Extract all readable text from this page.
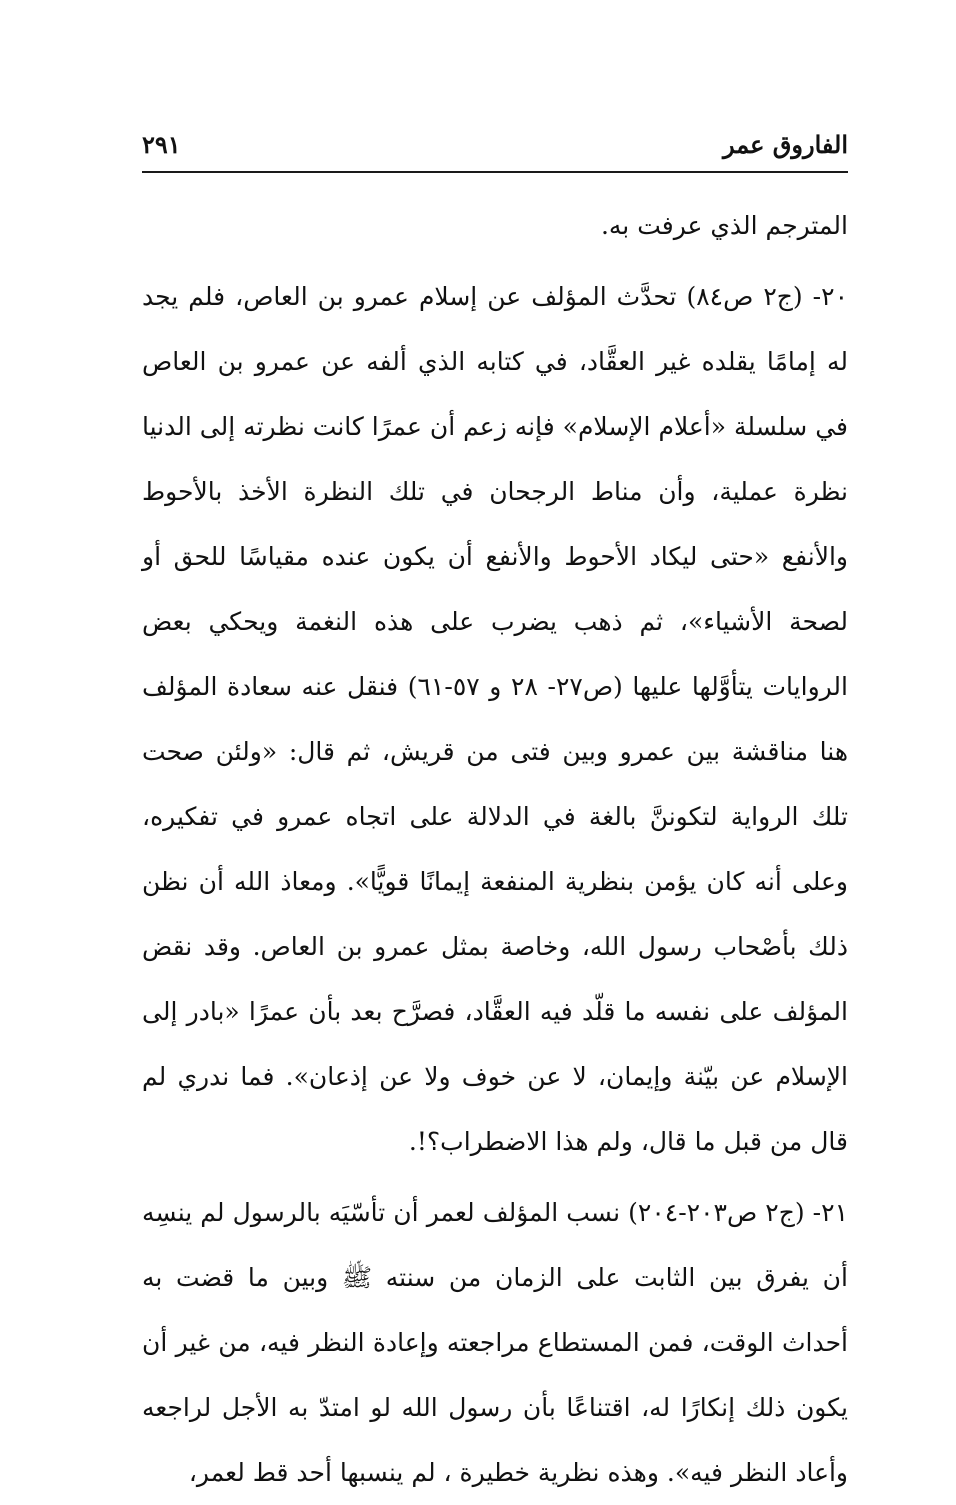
الفاروق عمر
٢٩١

المترجم الذي عرفت به.

٢٠- (ج٢ ص٨٤) تحدَّث المؤلف عن إسلام عمرو بن العاص، فلم يجد له إمامًا يقلده غير العقَّاد، في كتابه الذي ألفه عن عمرو بن العاص في سلسلة «أعلام الإسلام» فإنه زعم أن عمرًا كانت نظرته إلى الدنيا نظرة عملية، وأن مناط الرجحان في تلك النظرة الأخذ بالأحوط والأنفع «حتى ليكاد الأحوط والأنفع أن يكون عنده مقياسًا للحق أو لصحة الأشياء»، ثم ذهب يضرب على هذه النغمة ويحكي بعض الروايات يتأوَّلها عليها (ص٢٧- ٢٨ و ٥٧-٦١) فنقل عنه سعادة المؤلف هنا مناقشة بين عمرو وبين فتى من قريش، ثم قال: «ولئن صحت تلك الرواية لتكوننَّ بالغة في الدلالة على اتجاه عمرو في تفكيره، وعلى أنه كان يؤمن بنظرية المنفعة إيمانًا قويًّا». ومعاذ الله أن نظن ذلك بأصْحاب رسول الله، وخاصة بمثل عمرو بن العاص. وقد نقض المؤلف على نفسه ما قلّد فيه العقَّاد، فصرَّح بعد بأن عمرًا «بادر إلى الإسلام عن بيّنة وإيمان، لا عن خوف ولا عن إذعان». فما ندري لم قال من قبل ما قال، ولم هذا الاضطراب؟!.

٢١- (ج٢ ص٢٠٣-٢٠٤) نسب المؤلف لعمر أن تأسّيَه بالرسول لم ينسِه أن يفرق بين الثابت على الزمان من سنته ﷺ وبين ما قضت به أحداث الوقت، فمن المستطاع مراجعته وإعادة النظر فيه، من غير أن يكون ذلك إنكارًا له، اقتناعًا بأن رسول الله لو امتدّ به الأجل لراجعه وأعاد النظر فيه». وهذه نظرية خطيرة ، لم ينسبها أحد قط لعمر،
